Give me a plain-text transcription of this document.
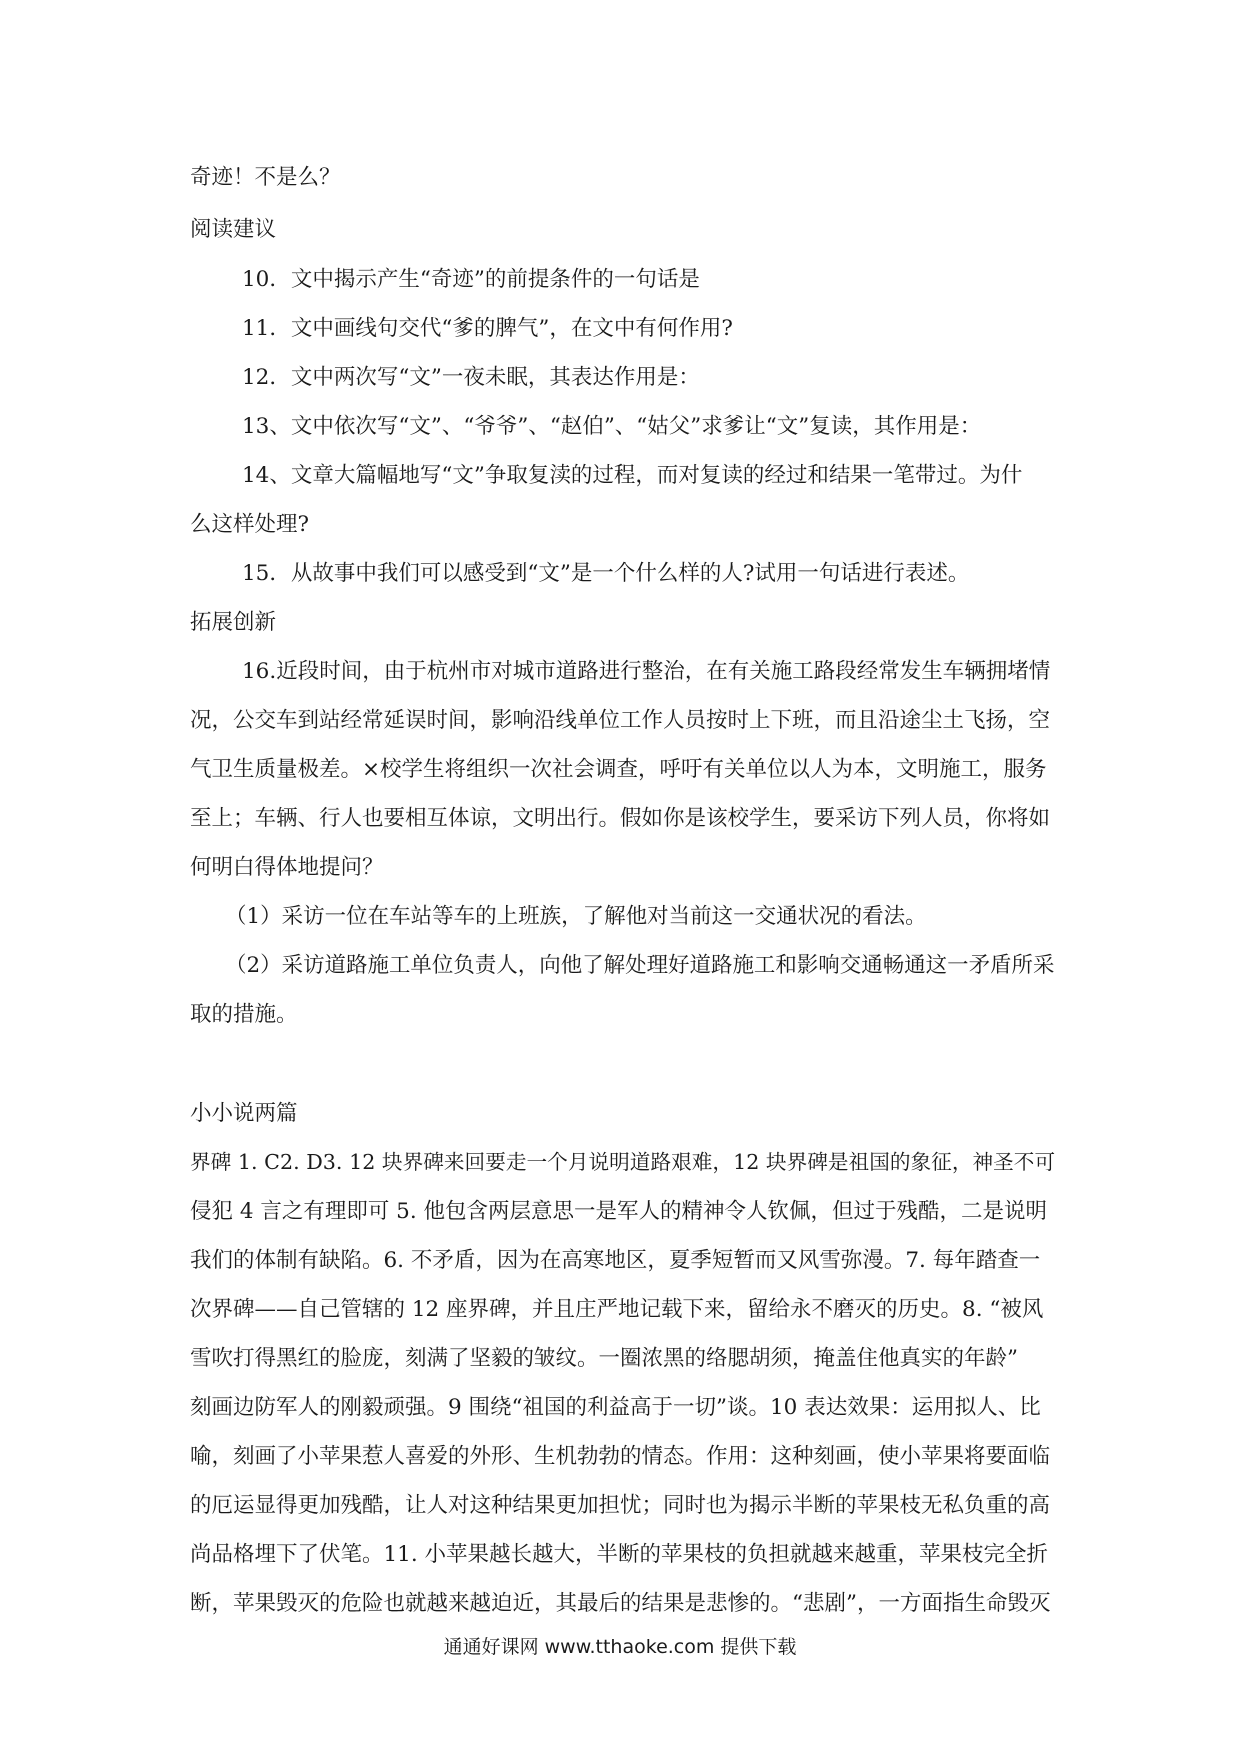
奇迹！不是么？
阅读建议
10．文中揭示产生“奇迹”的前提条件的一句话是
11．文中画线句交代“爹的脾气”，在文中有何作用?
12．文中两次写“文”一夜未眠，其表达作用是：
13、文中依次写“文”、“爷爷”、“赵伯”、“姑父”求爹让“文”复读，其作用是：
14、文章大篇幅地写“文”争取复渎的过程，而对复读的经过和结果一笔带过。为什
么这样处理?
15．从故事中我们可以感受到“文”是一个什么样的人?试用一句话进行表述。
拓展创新
16.近段时间，由于杭州市对城市道路进行整治，在有关施工路段经常发生车辆拥堵情
况，公交车到站经常延误时间，影响沿线单位工作人员按时上下班，而且沿途尘土飞扬，空
气卫生质量极差。×校学生将组织一次社会调查，呼吁有关单位以人为本，文明施工，服务
至上；车辆、行人也要相互体谅，文明出行。假如你是该校学生，要采访下列人员，你将如
何明白得体地提问？
（1）采访一位在车站等车的上班族，了解他对当前这一交通状况的看法。
（2）采访道路施工单位负责人，向他了解处理好道路施工和影响交通畅通这一矛盾所采
取的措施。
小小说两篇
界碑 1. C2. D3. 12 块界碑来回要走一个月说明道路艰难，12 块界碑是祖国的象征，神圣不可
侵犯 4 言之有理即可 5. 他包含两层意思一是军人的精神令人钦佩，但过于残酷，二是说明
我们的体制有缺陷。6. 不矛盾，因为在高寒地区，夏季短暂而又风雪弥漫。7. 每年踏查一
次界碑——自己管辖的 12 座界碑，并且庄严地记载下来，留给永不磨灭的历史。8. “被风
雪吹打得黑红的脸庞，刻满了坚毅的皱纹。一圈浓黑的络腮胡须，掩盖住他真实的年龄”
刻画边防军人的刚毅顽强。9 围绕“祖国的利益高于一切”谈。10 表达效果：运用拟人、比
喻，刻画了小苹果惹人喜爱的外形、生机勃勃的情态。作用：这种刻画，使小苹果将要面临
的厄运显得更加残酷，让人对这种结果更加担忧；同时也为揭示半断的苹果枝无私负重的高
尚品格埋下了伏笔。11. 小苹果越长越大，半断的苹果枝的负担就越来越重，苹果枝完全折
断，苹果毁灭的危险也就越来越迫近，其最后的结果是悲惨的。“悲剧”，一方面指生命毁灭
通通好课网 www.tthaoke.com 提供下载
